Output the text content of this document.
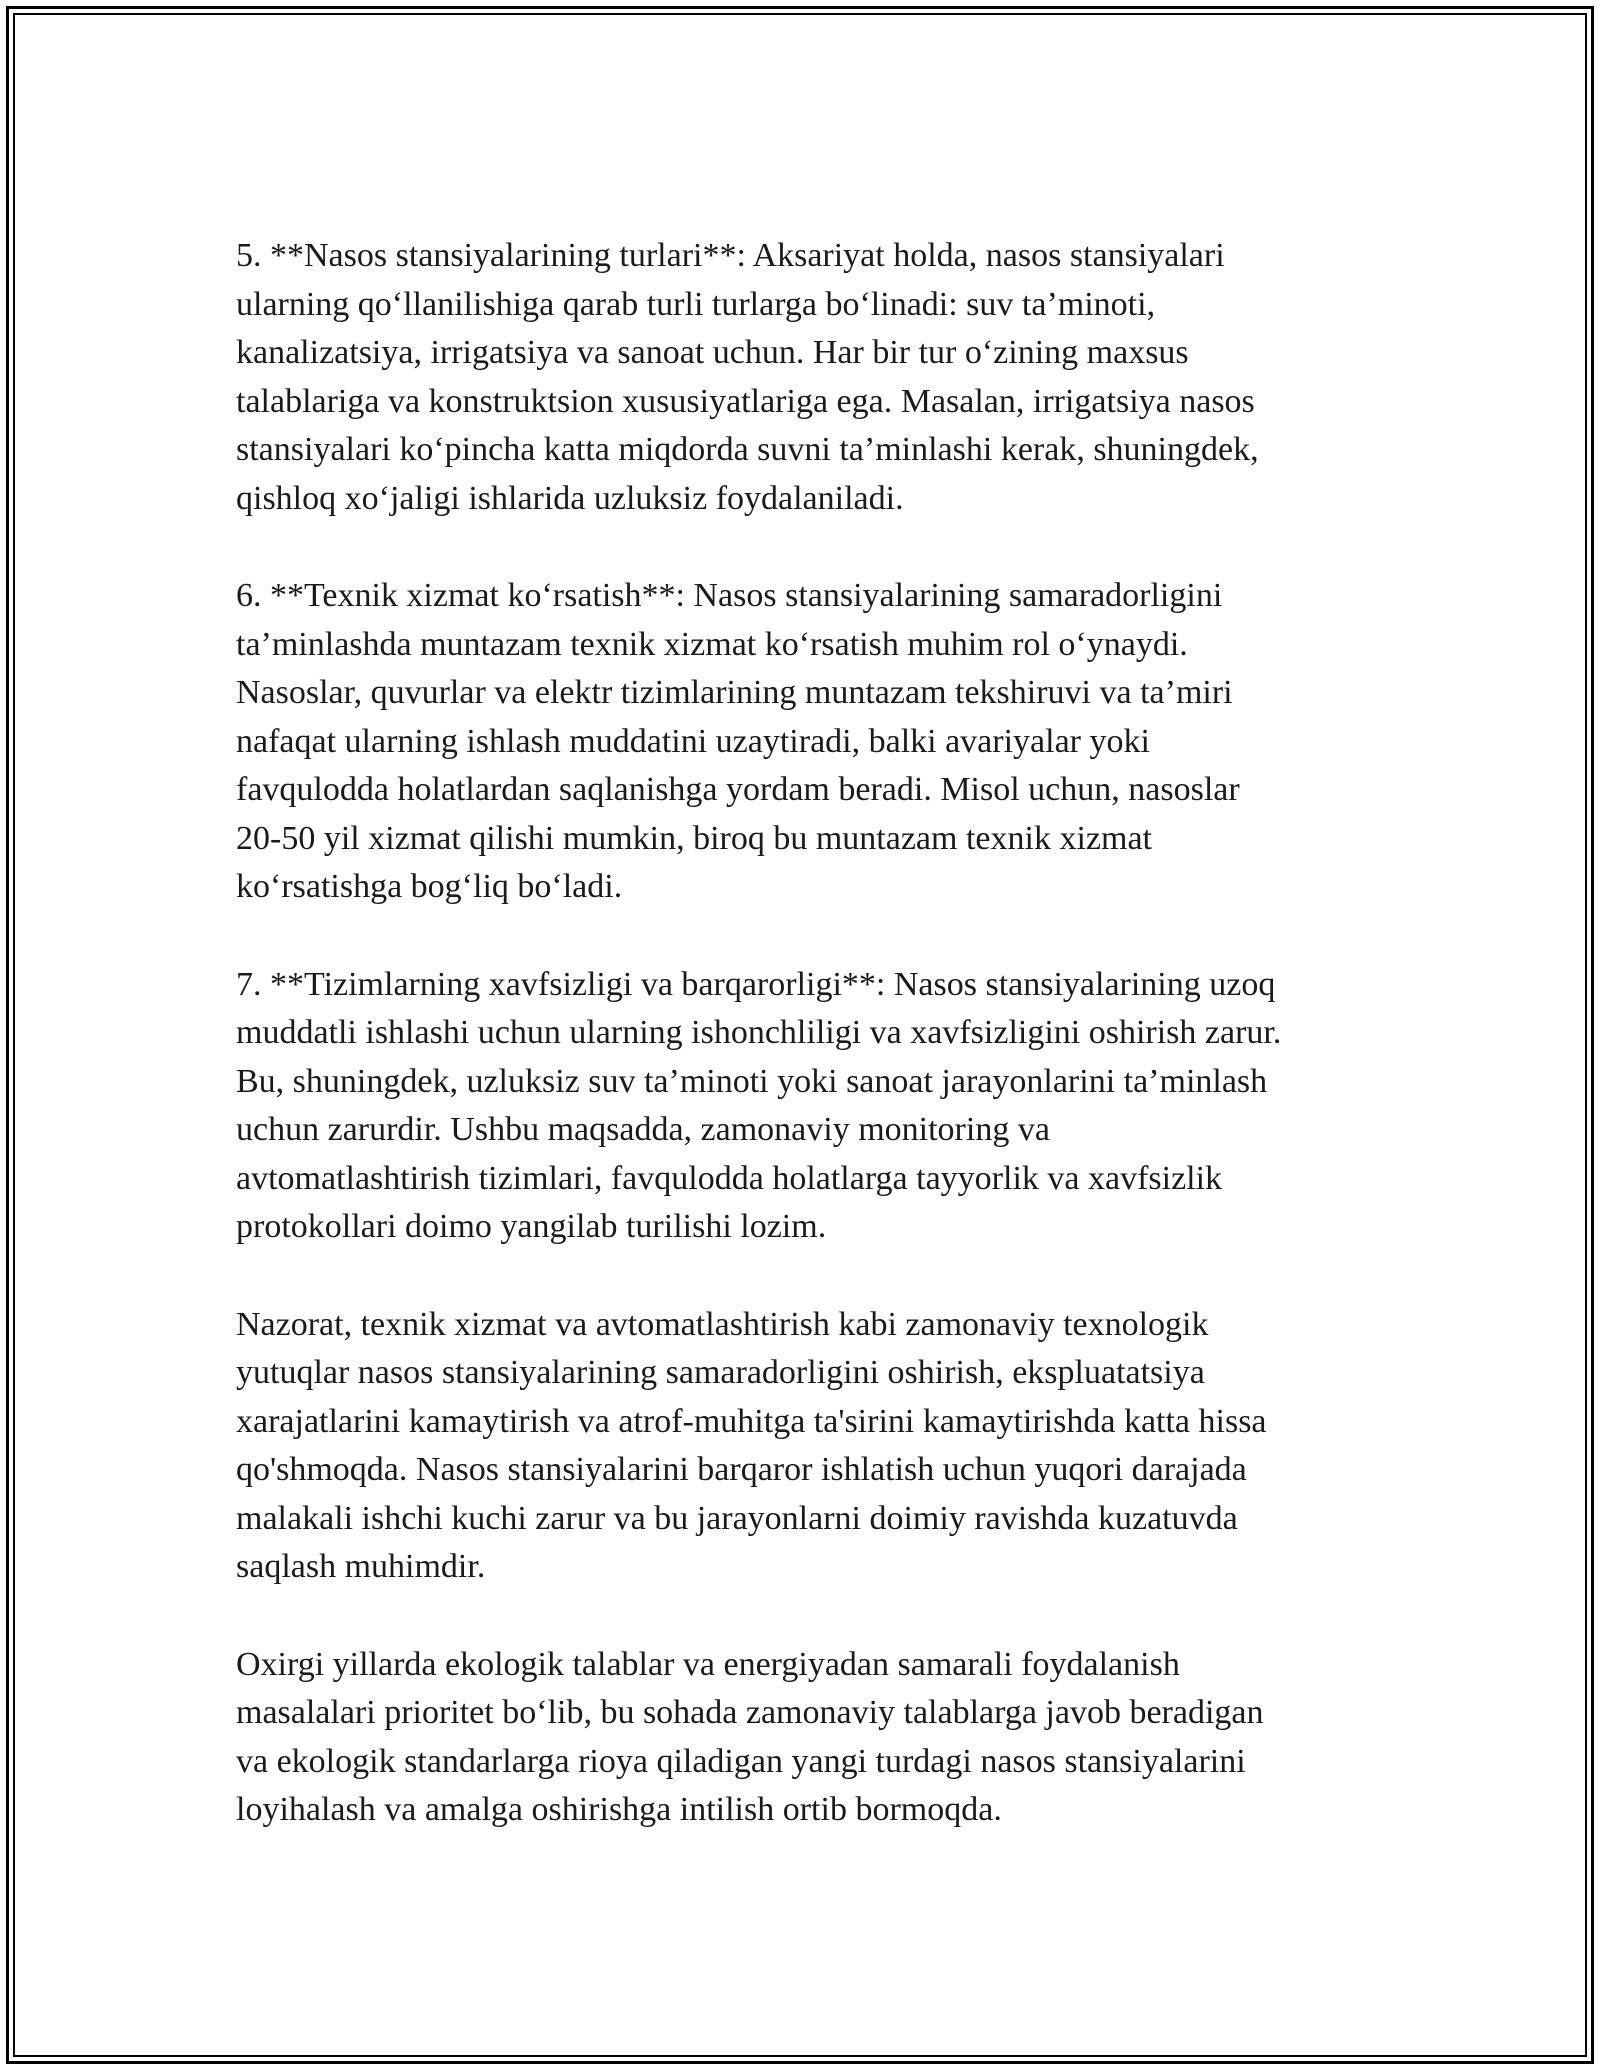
5. **Nasos stansiyalarining turlari**: Aksariyat holda, nasos stansiyalari
ularning qo‘llanilishiga qarab turli turlarga bo‘linadi: suv ta’minoti,
kanalizatsiya, irrigatsiya va sanoat uchun. Har bir tur o‘zining maxsus
talablariga va konstruktsion xususiyatlariga ega. Masalan, irrigatsiya nasos
stansiyalari ko‘pincha katta miqdorda suvni ta’minlashi kerak, shuningdek,
qishloq xo‘jaligi ishlarida uzluksiz foydalaniladi.

6. **Texnik xizmat ko‘rsatish**: Nasos stansiyalarining samaradorligini
ta’minlashda muntazam texnik xizmat ko‘rsatish muhim rol o‘ynaydi.
Nasoslar, quvurlar va elektr tizimlarining muntazam tekshiruvi va ta’miri
nafaqat ularning ishlash muddatini uzaytiradi, balki avariyalar yoki
favqulodda holatlardan saqlanishga yordam beradi. Misol uchun, nasoslar
20-50 yil xizmat qilishi mumkin, biroq bu muntazam texnik xizmat
ko‘rsatishga bog‘liq bo‘ladi.

7. **Tizimlarning xavfsizligi va barqarorligi**: Nasos stansiyalarining uzoq
muddatli ishlashi uchun ularning ishonchliligi va xavfsizligini oshirish zarur.
Bu, shuningdek, uzluksiz suv ta’minoti yoki sanoat jarayonlarini ta’minlash
uchun zarurdir. Ushbu maqsadda, zamonaviy monitoring va
avtomatlashtirish tizimlari, favqulodda holatlarga tayyorlik va xavfsizlik
protokollari doimo yangilab turilishi lozim.

Nazorat, texnik xizmat va avtomatlashtirish kabi zamonaviy texnologik
yutuqlar nasos stansiyalarining samaradorligini oshirish, ekspluatatsiya
xarajatlarini kamaytirish va atrof-muhitga ta'sirini kamaytirishda katta hissa
qo'shmoqda. Nasos stansiyalarini barqaror ishlatish uchun yuqori darajada
malakali ishchi kuchi zarur va bu jarayonlarni doimiy ravishda kuzatuvda
saqlash muhimdir.

Oxirgi yillarda ekologik talablar va energiyadan samarali foydalanish
masalalari prioritet bo‘lib, bu sohada zamonaviy talablarga javob beradigan
va ekologik standarlarga rioya qiladigan yangi turdagi nasos stansiyalarini
loyihalash va amalga oshirishga intilish ortib bormoqda.
